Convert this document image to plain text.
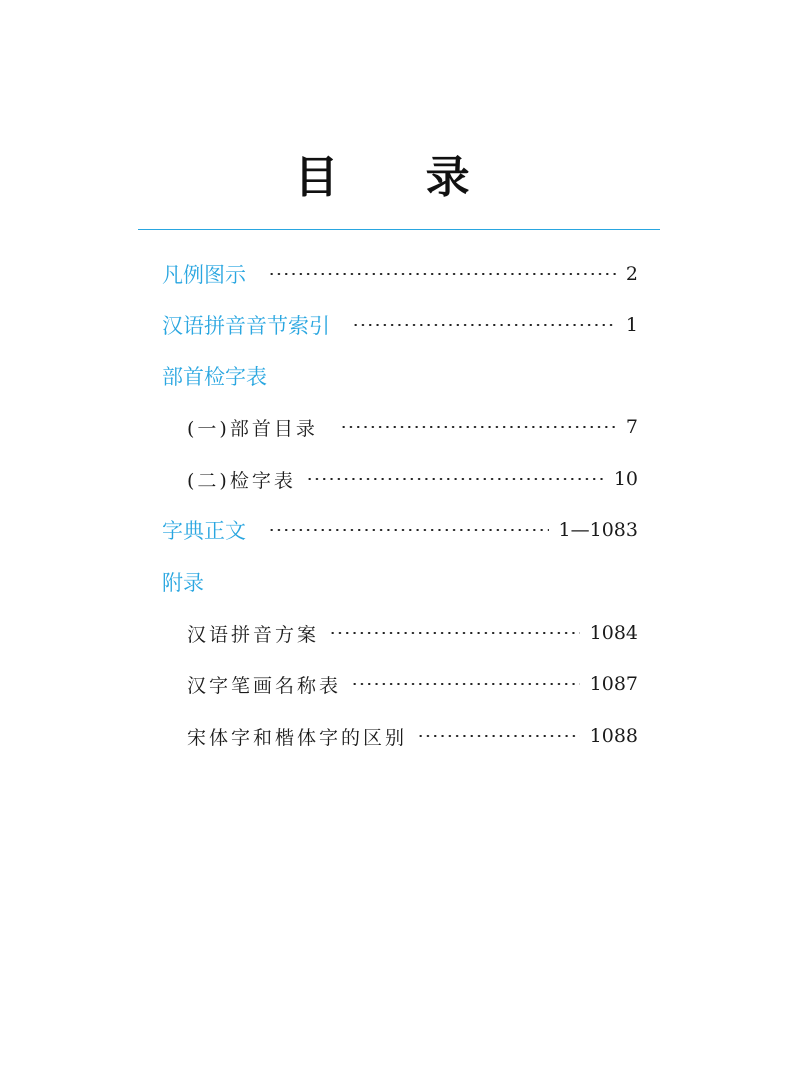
目 录
凡例图示	2
汉语拼音音节索引	1
部首检字表
(一)部首目录	7
(二)检字表	10
字典正文	1—1083
附录
汉语拼音方案	1084
汉字笔画名称表	1087
宋体字和楷体字的区别	1088
